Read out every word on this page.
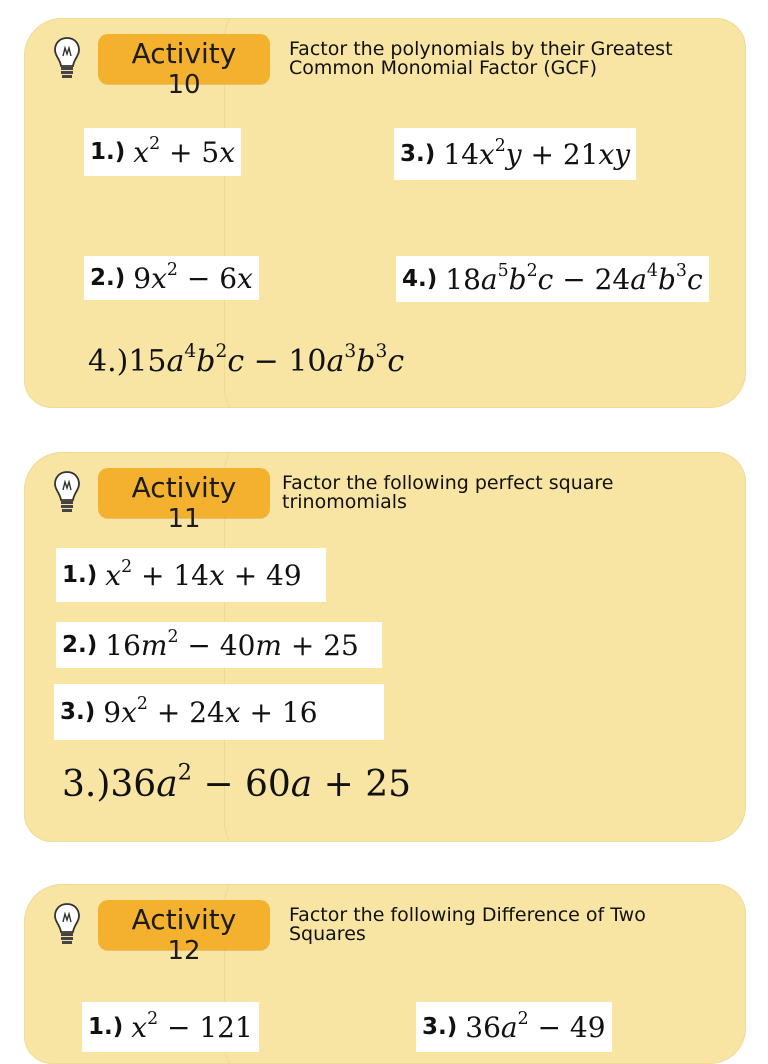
Activity
10
Factor the polynomials by their Greatest Common Monomial Factor (GCF)
1.) $x^2 + 5x$	3.) $14x^2y + 21xy$
2.) $9x^2 - 6x$	4.) $18a^5b^2c - 24a^4b^3c$
$4.)15a^4b^2c - 10a^3b^3c$
Activity
11
Factor the following perfect square trinomomials
1.) $x^2 + 14x + 49$
2.) $16m^2 - 40m + 25$
3.) $9x^2 + 24x + 16$
$3.)36a^2 - 60a + 25$
Activity
12
Factor the following Difference of Two Squares
1.) $x^2 - 121$	3.) $36a^2 - 49$
